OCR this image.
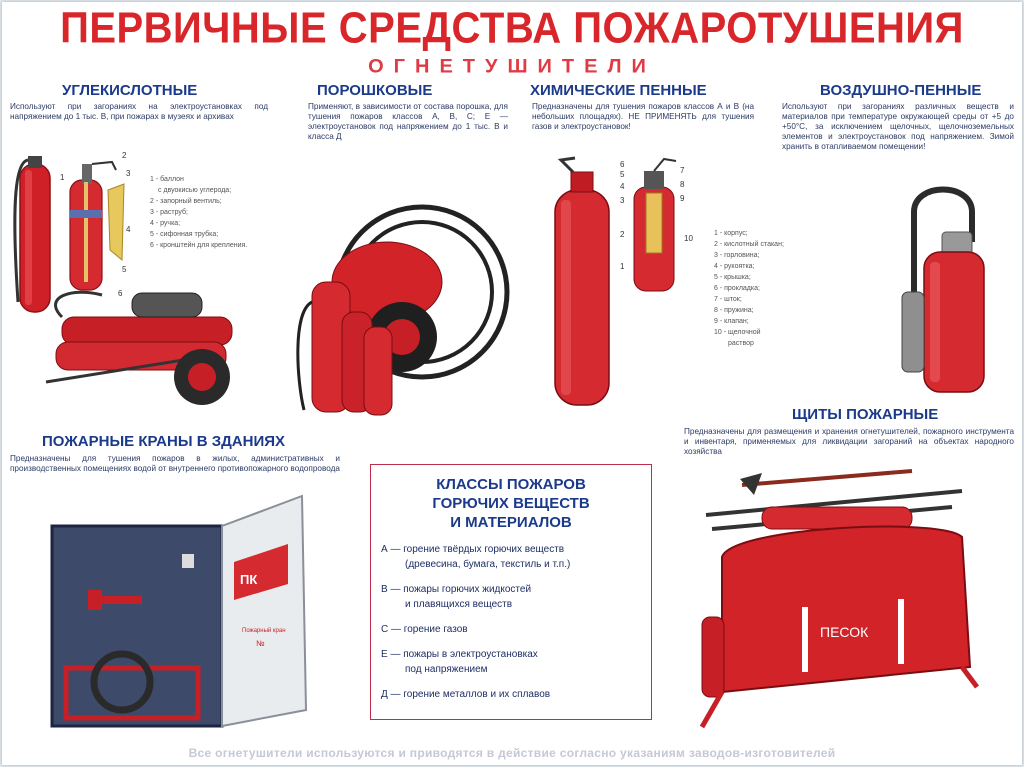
ПЕРВИЧНЫЕ СРЕДСТВА ПОЖАРОТУШЕНИЯ
ОГНЕТУШИТЕЛИ
УГЛЕКИСЛОТНЫЕ
Используют при загораниях на электроустановках под напряжением до 1 тыс. В, при пожарах в музеях и архивах
2
3
1
4
5
6
1 - баллон
с двуокисью углерода;
2 - запорный вентиль;
3 - раструб;
4 - ручка;
5 - сифонная трубка;
6 - кронштейн для крепления.
ПОРОШКОВЫЕ
Применяют, в зависимости от состава порошка, для тушения пожаров классов А, В, С; Е — электроустановок под напряжением до 1 тыс. В и класса Д
ХИМИЧЕСКИЕ ПЕННЫЕ
Предназначены для тушения пожаров классов А и В (на небольших площадях). НЕ ПРИМЕНЯТЬ для тушения газов и электроустановок!
6
5
4
3
7
8
9
2
1
10
1 - корпус;
2 - кислотный стакан;
3 - горловина;
4 - рукоятка;
5 - крышка;
6 - прокладка;
7 - шток;
8 - пружина;
9 - клапан;
10 - щелочной
раствор
ВОЗДУШНО-ПЕННЫЕ
Используют при загораниях различных веществ и материалов при температуре окружающей среды от +5 до +50°С, за исключением щелочных, щелочноземельных элементов и электроустановок под напряжением. Зимой хранить в отапливаемом помещении!
ПОЖАРНЫЕ КРАНЫ В ЗДАНИЯХ
Предназначены для тушения пожаров в жилых, административных и производственных помещениях водой от внутреннего противопожарного водопровода
ПК
Пожарный кран
№
КЛАССЫ ПОЖАРОВ
ГОРЮЧИХ ВЕЩЕСТВ
И МАТЕРИАЛОВ
А — горение твёрдых горючих веществ
(древесина, бумага, текстиль и т.п.)
В — пожары горючих жидкостей
и плавящихся веществ
С — горение газов
Е — пожары в электроустановках
под напряжением
Д — горение металлов и их сплавов
ЩИТЫ ПОЖАРНЫЕ
Предназначены для размещения и хранения огнетушителей, пожарного инструмента и инвентаря, применяемых для ликвидации загораний на объектах народного хозяйства
ПЕСОК
Все огнетушители используются и приводятся в действие согласно указаниям заводов-изготовителей
